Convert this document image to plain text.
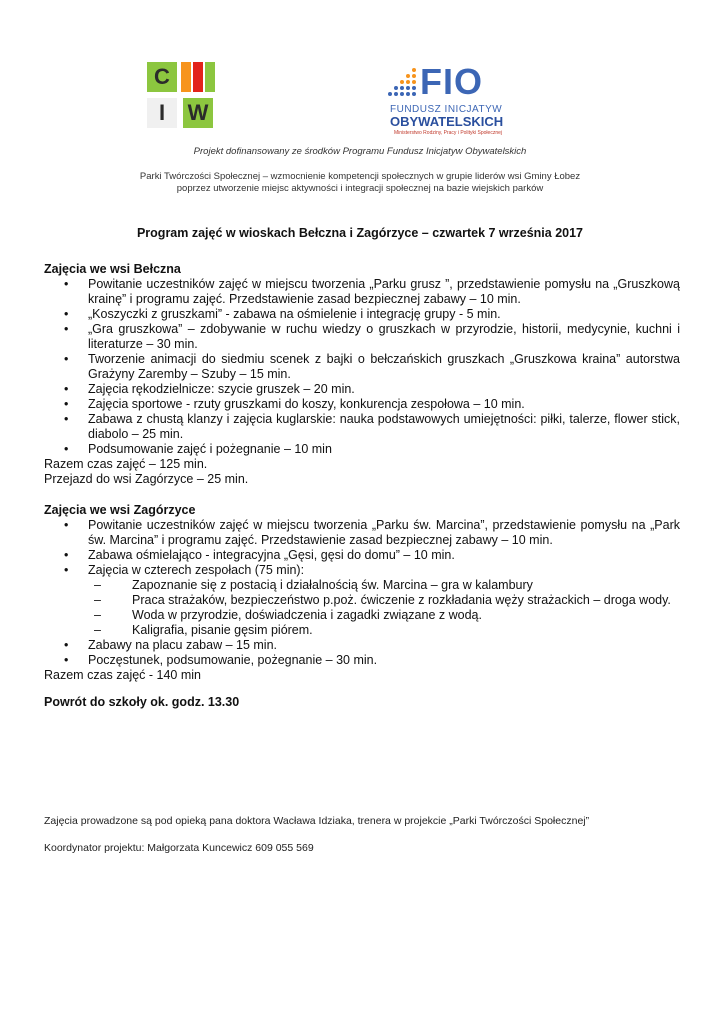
C
I	W
FIO
FUNDUSZ INICJATYW
OBYWATELSKICH
Ministerstwo Rodziny, Pracy i Polityki Społecznej
Projekt dofinansowany ze środków Programu Fundusz Inicjatyw Obywatelskich
Parki Twórczości Społecznej – wzmocnienie kompetencji społecznych w grupie liderów wsi Gminy Łobez
poprzez utworzenie miejsc aktywności i integracji społecznej na bazie wiejskich parków
Program zajęć w wioskach Bełczna i Zagórzyce – czwartek 7 września 2017

Zajęcia we wsi Bełczna

• Powitanie uczestników zajęć w miejscu tworzenia „Parku grusz ”, przedstawienie pomysłu na „Gruszkową krainę” i programu zajęć. Przedstawienie zasad bezpiecznej zabawy – 10 min.
• „Koszyczki z gruszkami” - zabawa na ośmielenie i integrację grupy - 5 min.
• „Gra gruszkowa” – zdobywanie w ruchu wiedzy o gruszkach w przyrodzie, historii, medycynie, kuchni i literaturze – 30 min.
• Tworzenie animacji do siedmiu scenek z bajki o bełczańskich gruszkach „Gruszkowa kraina” autorstwa Grażyny Zaremby – Szuby – 15 min.
• Zajęcia rękodzielnicze: szycie gruszek – 20 min.
• Zajęcia sportowe - rzuty gruszkami do koszy, konkurencja zespołowa – 10 min.
• Zabawa z chustą klanzy i zajęcia kuglarskie: nauka podstawowych umiejętności: piłki, talerze, flower stick, diabolo – 25 min.
• Podsumowanie zajęć i pożegnanie – 10 min

Razem czas zajęć – 125 min.

Przejazd do wsi Zagórzyce – 25 min.

Zajęcia we wsi Zagórzyce

• Powitanie uczestników zajęć w miejscu tworzenia „Parku św. Marcina”, przedstawienie pomysłu na „Park św. Marcina” i programu zajęć. Przedstawienie zasad bezpiecznej zabawy – 10 min.
• Zabawa ośmielająco - integracyjna „Gęsi, gęsi do domu” – 10 min.
• Zajęcia w czterech zespołach (75 min):
– Zapoznanie się z postacią i działalnością św. Marcina – gra w kalambury
– Praca strażaków, bezpieczeństwo p.poż. ćwiczenie z rozkładania węży strażackich – droga wody.
– Woda w przyrodzie, doświadczenia i zagadki związane z wodą.
– Kaligrafia, pisanie gęsim piórem.
• Zabawy na placu zabaw – 15 min.
• Poczęstunek, podsumowanie, pożegnanie – 30 min.

Razem czas zajęć - 140 min

Powrót do szkoły ok. godz. 13.30

Zajęcia prowadzone są pod opieką pana doktora Wacława Idziaka, trenera w projekcie „Parki Twórczości Społecznej”
Koordynator projektu: Małgorzata Kuncewicz 609 055 569
